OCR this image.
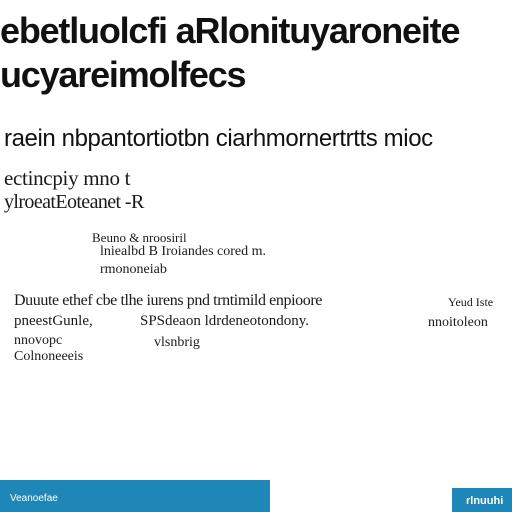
ebetluolcfi aRlonituyaroneite
ucyareimolfecs
raein nbpantortiotbn ciarhmornertrtts mioc
ectincpiy mno t
ylroeatEoteanet -R
Beuno & nroosiril
lniealbd B Iroiandes cored m.
rmononeiab
Duuute ethef cbe tlhe iurens pnd trntimild enpioore	Yeud Iste
pneestGunle,	SPSdeaon ldrdeneotondony.	nnoitoleon
nnovopc	vlsnbrig
Colnoneeeis
Veanoefae	rlnuuhi
